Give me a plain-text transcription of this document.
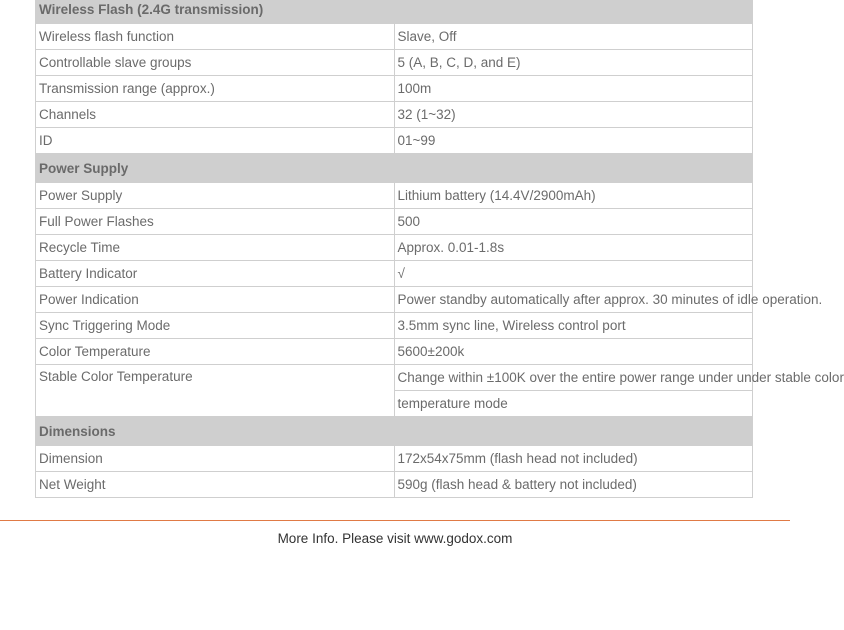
Wireless Flash (2.4G transmission)	
Wireless flash function	Slave, Off
Controllable slave groups	5 (A, B, C, D, and E)
Transmission range (approx.)	100m
Channels	32 (1~32)
ID	01~99
Power Supply	
Power Supply	Lithium battery (14.4V/2900mAh)
Full Power Flashes	500
Recycle Time	Approx. 0.01-1.8s
Battery Indicator	√
Power Indication	Power standby automatically after approx. 30 minutes of idle operation.
Sync Triggering Mode	3.5mm sync line, Wireless control port
Color Temperature	5600±200k
Stable Color Temperature	Change within ±100K over the entire power range under under stable color
	temperature mode
Dimensions	
Dimension	172x54x75mm (flash head not included)
Net Weight	590g (flash head & battery not included)
More Info. Please visit www.godox.com
